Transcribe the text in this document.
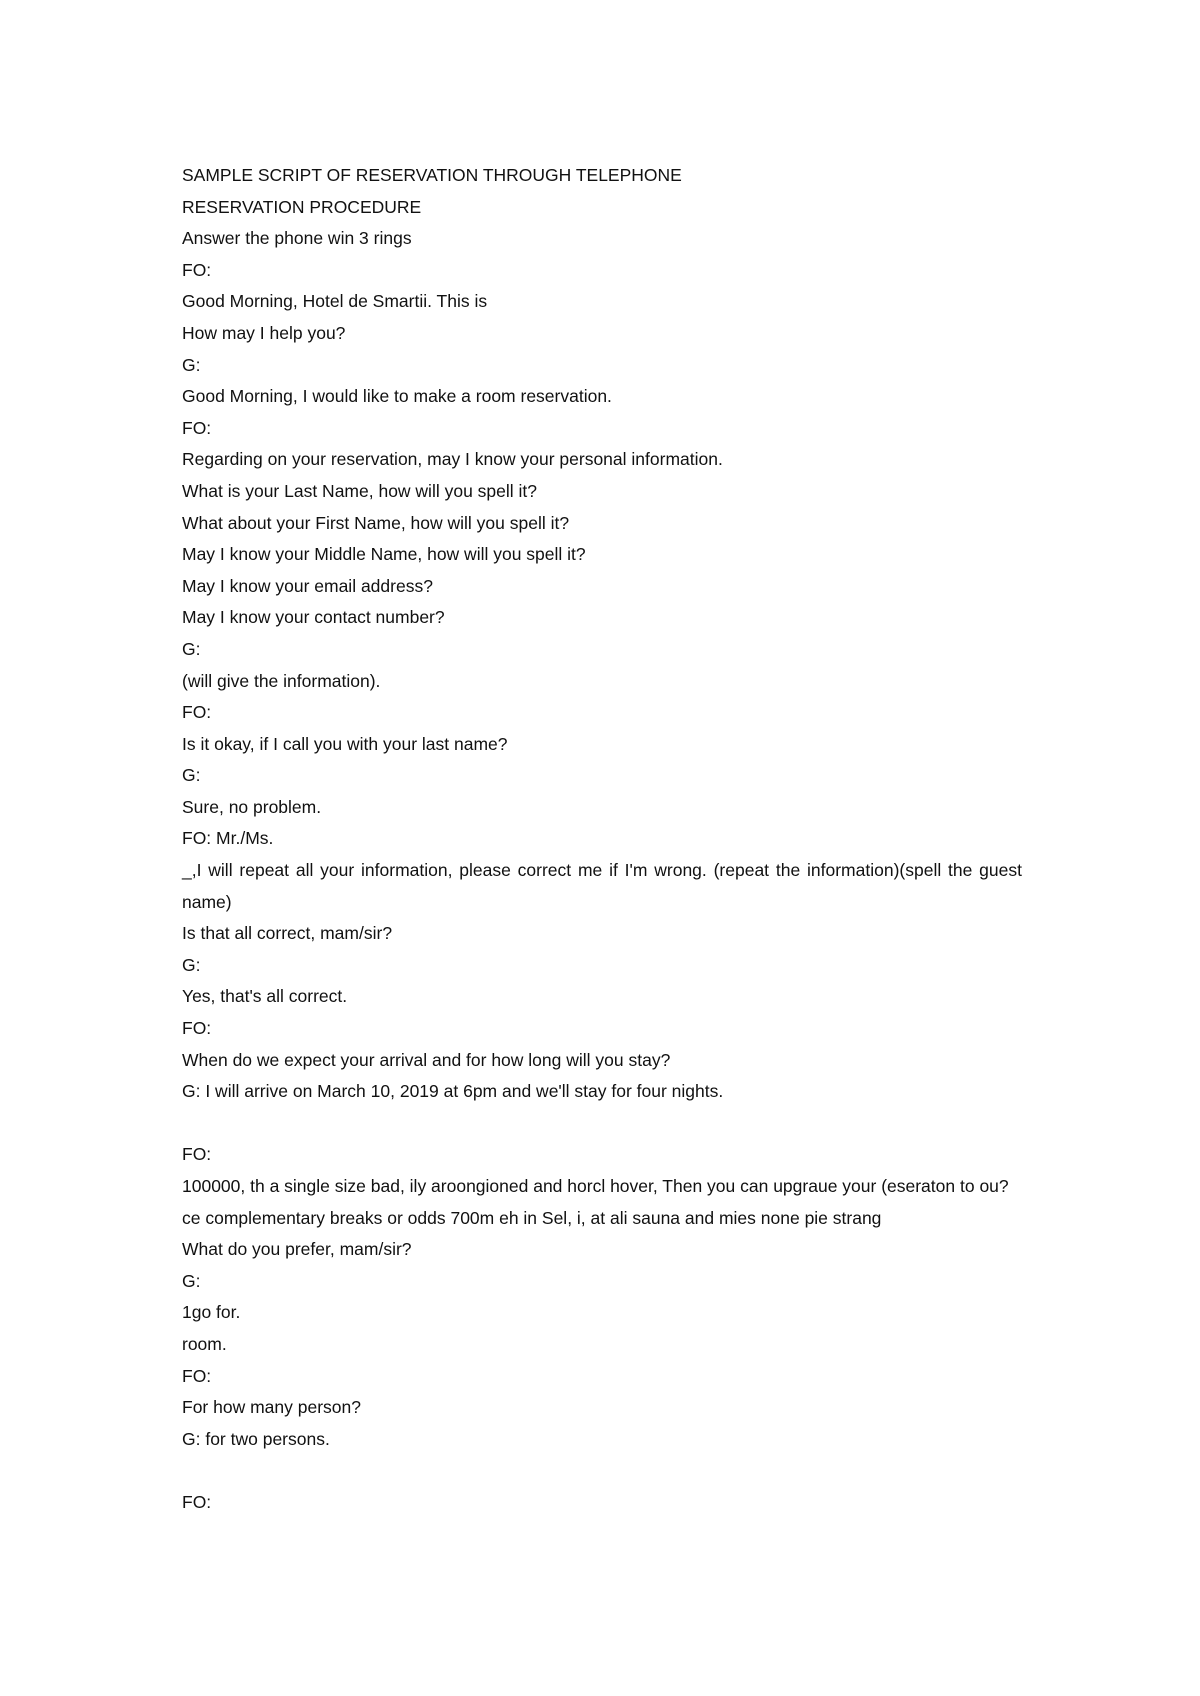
SAMPLE SCRIPT OF RESERVATION THROUGH TELEPHONE
RESERVATION PROCEDURE
Answer the phone win 3 rings
FO:
Good Morning, Hotel de Smartii. This is
How may I help you?
G:
Good Morning, I would like to make a room reservation.
FO:
Regarding on your reservation, may I know your personal information.
What is your Last Name, how will you spell it?
What about your First Name, how will you spell it?
May I know your Middle Name, how will you spell it?
May I know your email address?
May I know your contact number?
G:
(will give the information).
FO:
Is it okay, if I call you with your last name?
G:
Sure, no problem.
FO: Mr./Ms.
_,I will repeat all your information, please correct me if I'm wrong. (repeat the information)(spell the guest name)
Is that all correct, mam/sir?
G:
Yes, that's all correct.
FO:
When do we expect your arrival and for how long will you stay?
G: I will arrive on March 10, 2019 at 6pm and we'll stay for four nights.
FO:
100000, th a single size bad, ily aroongioned and horcl hover, Then you can upgraue your (eseraton to ou?
ce complementary breaks or odds 700m eh in Sel, i, at ali sauna and mies none pie strang
What do you prefer, mam/sir?
G:
1go for.
room.
FO:
For how many person?
G: for two persons.
FO:
